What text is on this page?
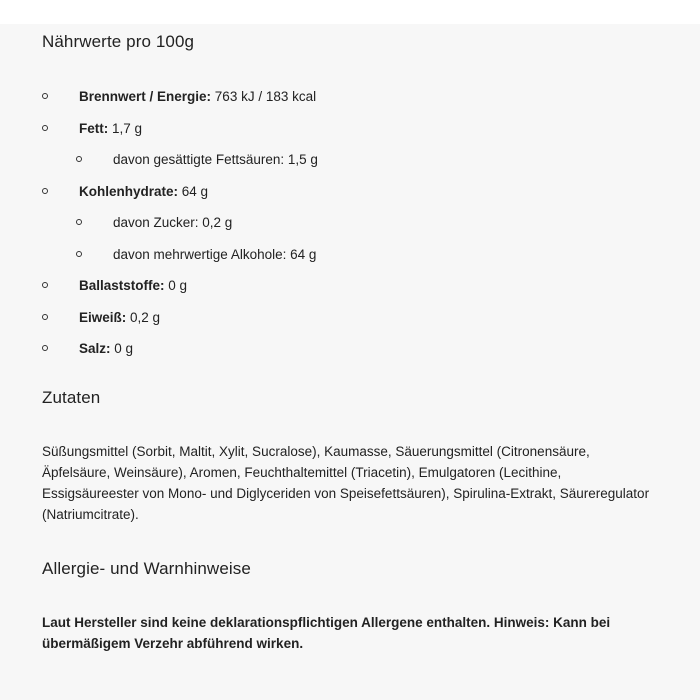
Nährwerte pro 100g
Brennwert / Energie: 763 kJ / 183 kcal
Fett: 1,7 g
davon gesättigte Fettsäuren: 1,5 g
Kohlenhydrate: 64 g
davon Zucker: 0,2 g
davon mehrwertige Alkohole: 64 g
Ballaststoffe: 0 g
Eiweiß: 0,2 g
Salz: 0 g
Zutaten

Süßungsmittel (Sorbit, Maltit, Xylit, Sucralose), Kaumasse, Säuerungsmittel (Citronensäure, Äpfelsäure, Weinsäure), Aromen, Feuchthaltemittel (Triacetin), Emulgatoren (Lecithine, Essigsäureester von Mono- und Diglyceriden von Speisefettsäuren), Spirulina-Extrakt, Säureregulator (Natriumcitrate).

Allergie- und Warnhinweise

Laut Hersteller sind keine deklarationspflichtigen Allergene enthalten. Hinweis: Kann bei übermäßigem Verzehr abführend wirken.
